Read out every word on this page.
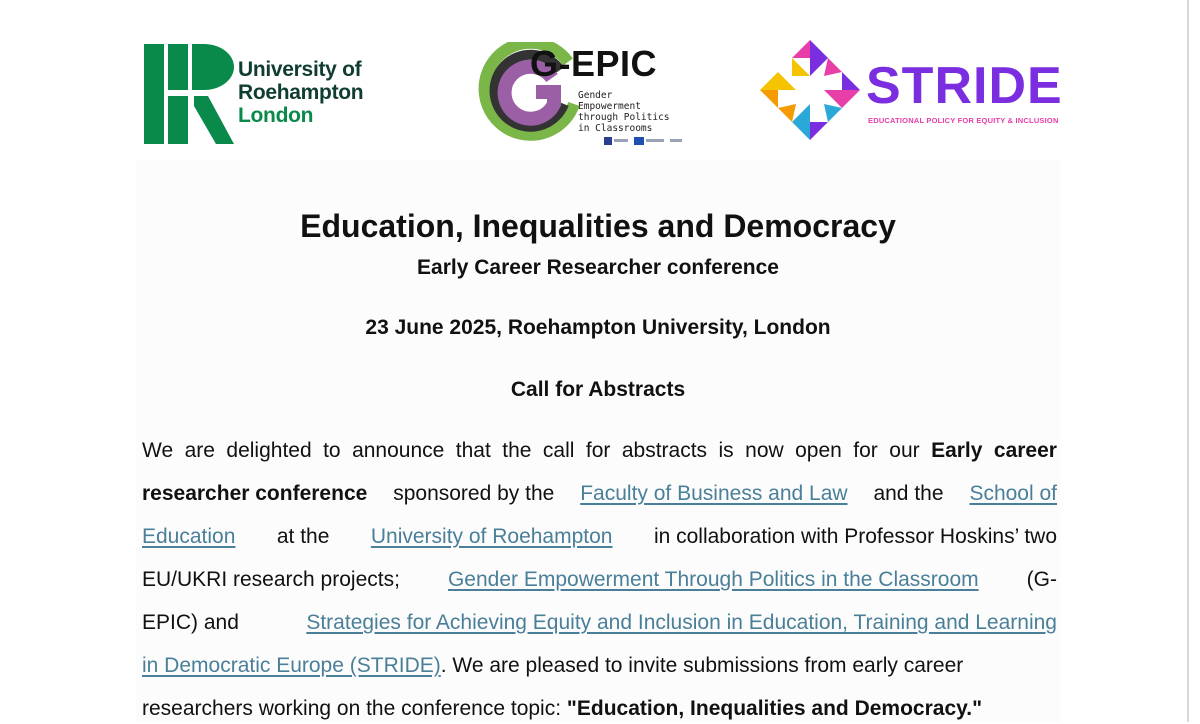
University of
Roehampton
London
G-EPIC
Gender
Empowerment
through Politics
in Classrooms
STRIDE
EDUCATIONAL POLICY FOR EQUITY & INCLUSION
Education, Inequalities and Democracy
Early Career Researcher conference
23 June 2025, Roehampton University, London
Call for Abstracts
We are delighted to announce that the call for abstracts is now open for our Early career
researcher conference sponsored by the Faculty of Business and Law and the School of
Education at the University of Roehampton in collaboration with Professor Hoskins’ two
EU/UKRI research projects; Gender Empowerment Through Politics in the Classroom (G-
EPIC) and	Strategies for Achieving Equity and Inclusion in Education, Training and Learning
in Democratic Europe (STRIDE). We are pleased to invite submissions from early career
researchers working on the conference topic: "Education, Inequalities and Democracy."
